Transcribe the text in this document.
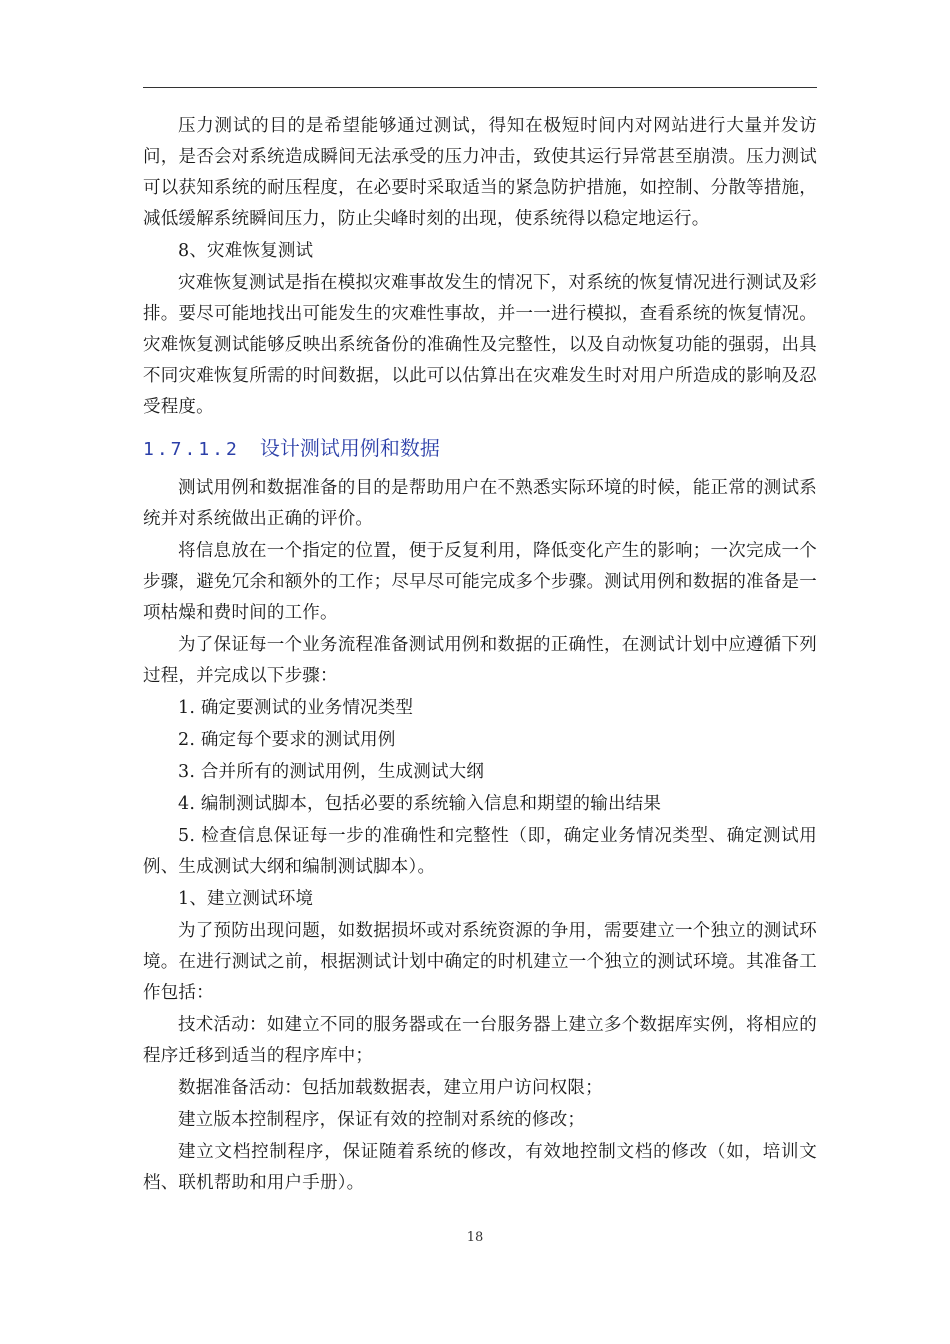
压力测试的目的是希望能够通过测试，得知在极短时间内对网站进行大量并发访问，是否会对系统造成瞬间无法承受的压力冲击，致使其运行异常甚至崩溃。压力测试可以获知系统的耐压程度，在必要时采取适当的紧急防护措施，如控制、分散等措施，减低缓解系统瞬间压力，防止尖峰时刻的出现，使系统得以稳定地运行。

8、灾难恢复测试

灾难恢复测试是指在模拟灾难事故发生的情况下，对系统的恢复情况进行测试及彩排。要尽可能地找出可能发生的灾难性事故，并一一进行模拟，查看系统的恢复情况。灾难恢复测试能够反映出系统备份的准确性及完整性，以及自动恢复功能的强弱，出具不同灾难恢复所需的时间数据，以此可以估算出在灾难发生时对用户所造成的影响及忍受程度。

1.7.1.2 设计测试用例和数据

测试用例和数据准备的目的是帮助用户在不熟悉实际环境的时候，能正常的测试系统并对系统做出正确的评价。

将信息放在一个指定的位置，便于反复利用，降低变化产生的影响；一次完成一个步骤，避免冗余和额外的工作；尽早尽可能完成多个步骤。测试用例和数据的准备是一项枯燥和费时间的工作。

为了保证每一个业务流程准备测试用例和数据的正确性，在测试计划中应遵循下列过程，并完成以下步骤：

1. 确定要测试的业务情况类型

2. 确定每个要求的测试用例

3. 合并所有的测试用例，生成测试大纲

4. 编制测试脚本，包括必要的系统输入信息和期望的输出结果

5. 检查信息保证每一步的准确性和完整性（即，确定业务情况类型、确定测试用例、生成测试大纲和编制测试脚本）。

1、建立测试环境

为了预防出现问题，如数据损坏或对系统资源的争用，需要建立一个独立的测试环境。在进行测试之前，根据测试计划中确定的时机建立一个独立的测试环境。其准备工作包括：

技术活动：如建立不同的服务器或在一台服务器上建立多个数据库实例，将相应的程序迁移到适当的程序库中；

数据准备活动：包括加载数据表，建立用户访问权限；

建立版本控制程序，保证有效的控制对系统的修改；

建立文档控制程序，保证随着系统的修改，有效地控制文档的修改（如，培训文档、联机帮助和用户手册）。

18
